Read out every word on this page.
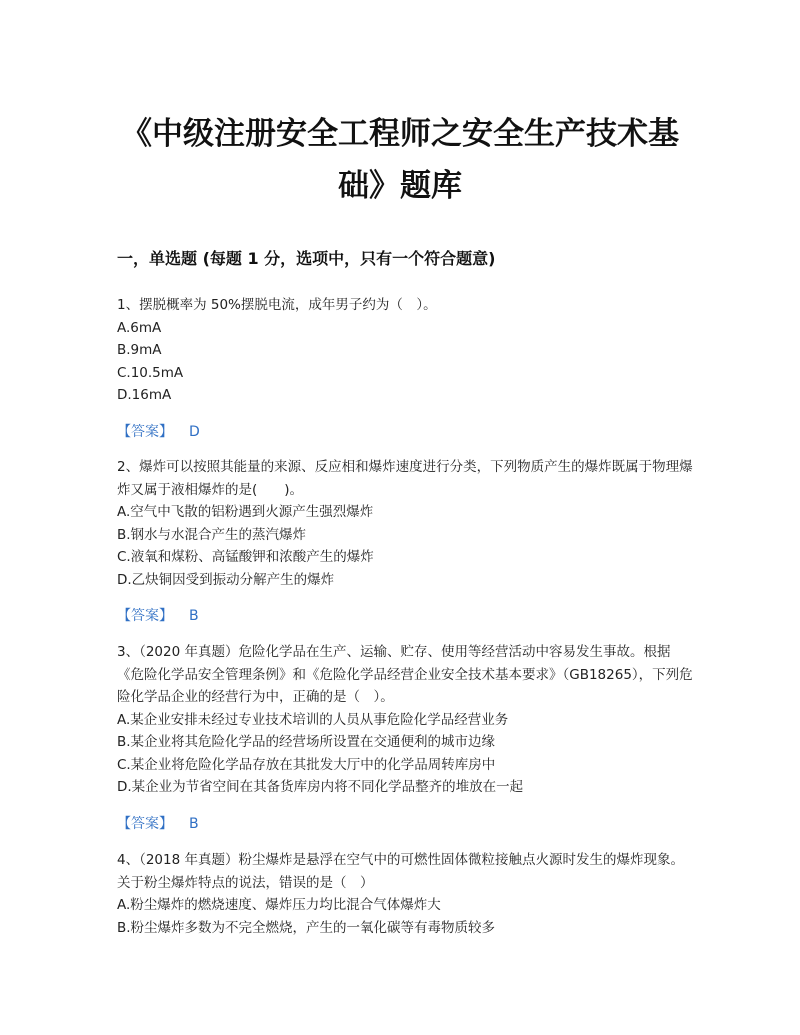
《中级注册安全工程师之安全生产技术基础》题库
一，单选题 (每题 1 分，选项中，只有一个符合题意)

1、摆脱概率为 50%摆脱电流，成年男子约为（　）。

A.6mA

B.9mA

C.10.5mA

D.16mA

【答案】 D

2、爆炸可以按照其能量的来源、反应相和爆炸速度进行分类，下列物质产生的爆炸既属于物理爆炸又属于液相爆炸的是(　　)。

A.空气中飞散的铝粉遇到火源产生强烈爆炸

B.钢水与水混合产生的蒸汽爆炸

C.液氧和煤粉、高锰酸钾和浓酸产生的爆炸

D.乙炔铜因受到振动分解产生的爆炸

【答案】 B

3、（2020 年真题）危险化学品在生产、运输、贮存、使用等经营活动中容易发生事故。根据《危险化学品安全管理条例》和《危险化学品经营企业安全技术基本要求》（GB18265），下列危险化学品企业的经营行为中，正确的是（　）。

A.某企业安排未经过专业技术培训的人员从事危险化学品经营业务

B.某企业将其危险化学品的经营场所设置在交通便利的城市边缘

C.某企业将危险化学品存放在其批发大厅中的化学品周转库房中

D.某企业为节省空间在其备货库房内将不同化学品整齐的堆放在一起

【答案】 B

4、（2018 年真题）粉尘爆炸是悬浮在空气中的可燃性固体微粒接触点火源时发生的爆炸现象。关于粉尘爆炸特点的说法，错误的是（　）

A.粉尘爆炸的燃烧速度、爆炸压力均比混合气体爆炸大

B.粉尘爆炸多数为不完全燃烧，产生的一氧化碳等有毒物质较多
